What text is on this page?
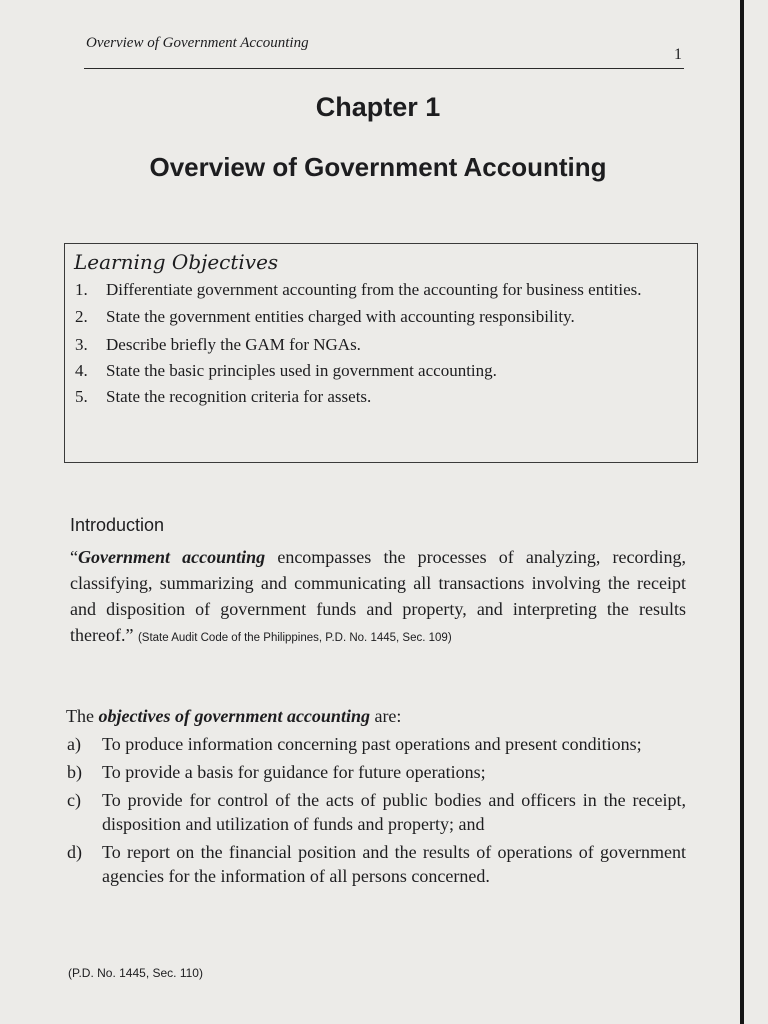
Overview of Government Accounting
1
Chapter 1
Overview of Government Accounting
Learning Objectives
1. Differentiate government accounting from the accounting for business entities.
2. State the government entities charged with accounting responsibility.
3. Describe briefly the GAM for NGAs.
4. State the basic principles used in government accounting.
5. State the recognition criteria for assets.
Introduction

“Government accounting encompasses the processes of analyzing, recording, classifying, summarizing and communicating all transactions involving the receipt and disposition of government funds and property, and interpreting the results thereof.” (State Audit Code of the Philippines, P.D. No. 1445, Sec. 109)

The objectives of government accounting are:

a) To produce information concerning past operations and present conditions;
b) To provide a basis for guidance for future operations;
c) To provide for control of the acts of public bodies and officers in the receipt, disposition and utilization of funds and property; and
d) To report on the financial position and the results of operations of government agencies for the information of all persons concerned.
(P.D. No. 1445, Sec. 110)
